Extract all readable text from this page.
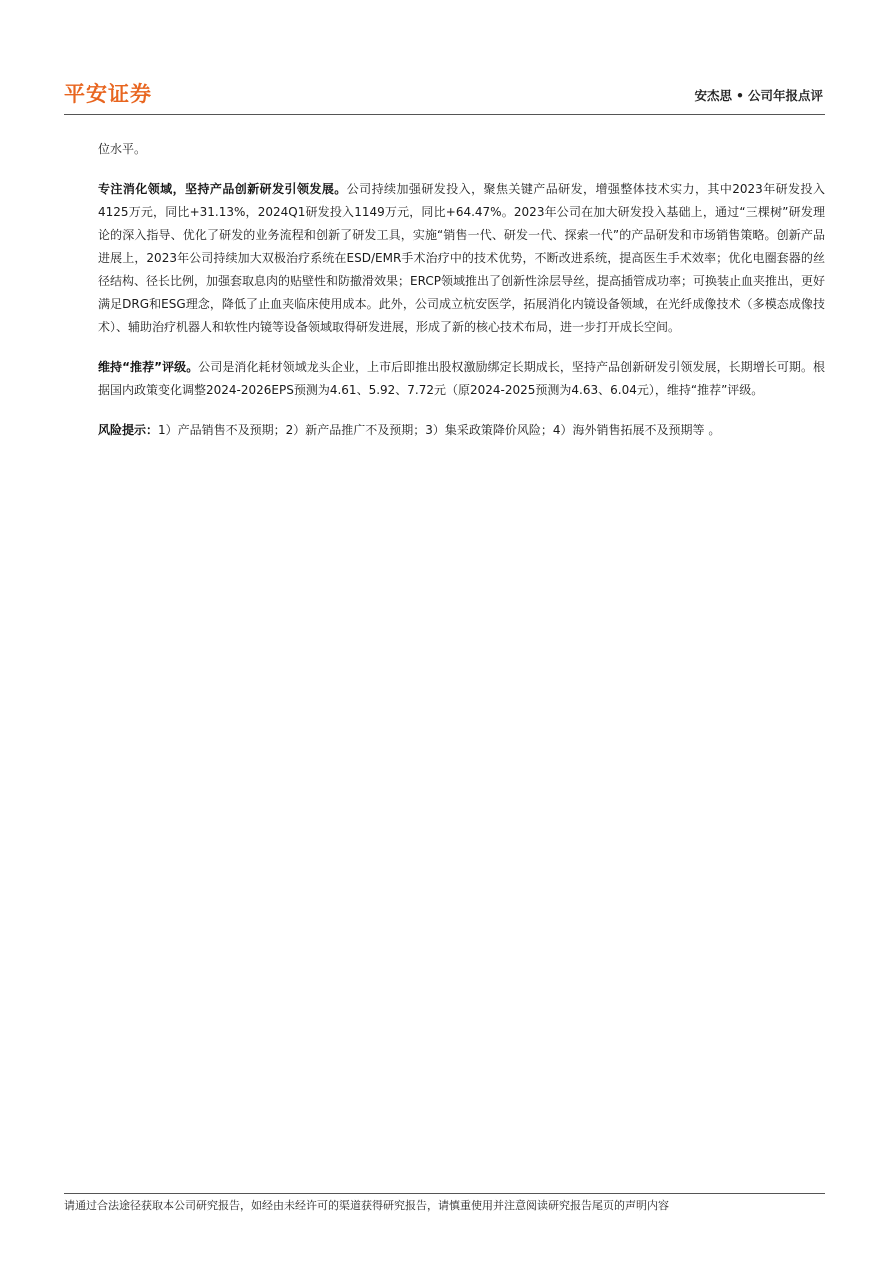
平安证券	安杰思 • 公司年报点评

位水平。

专注消化领域，坚持产品创新研发引领发展。公司持续加强研发投入，聚焦关键产品研发，增强整体技术实力，其中2023年研发投入4125万元，同比+31.13%，2024Q1研发投入1149万元，同比+64.47%。2023年公司在加大研发投入基础上，通过“三棵树”研发理论的深入指导、优化了研发的业务流程和创新了研发工具，实施“销售一代、研发一代、探索一代”的产品研发和市场销售策略。创新产品进展上，2023年公司持续加大双极治疗系统在ESD/EMR手术治疗中的技术优势，不断改进系统，提高医生手术效率；优化电圈套器的丝径结构、径长比例，加强套取息肉的贴壁性和防撤滑效果；ERCP领域推出了创新性涂层导丝，提高插管成功率；可换装止血夹推出，更好满足DRG和ESG理念，降低了止血夹临床使用成本。此外，公司成立杭安医学，拓展消化内镜设备领域，在光纤成像技术（多模态成像技术）、辅助治疗机器人和软性内镜等设备领域取得研发进展，形成了新的核心技术布局，进一步打开成长空间。

维持“推荐”评级。公司是消化耗材领域龙头企业，上市后即推出股权激励绑定长期成长，坚持产品创新研发引领发展，长期增长可期。根据国内政策变化调整2024-2026EPS预测为4.61、5.92、7.72元（原2024-2025预测为4.63、6.04元），维持“推荐”评级。

风险提示：1）产品销售不及预期；2）新产品推广不及预期；3）集采政策降价风险；4）海外销售拓展不及预期等 。

请通过合法途径获取本公司研究报告，如经由未经许可的渠道获得研究报告，请慎重使用并注意阅读研究报告尾页的声明内容
